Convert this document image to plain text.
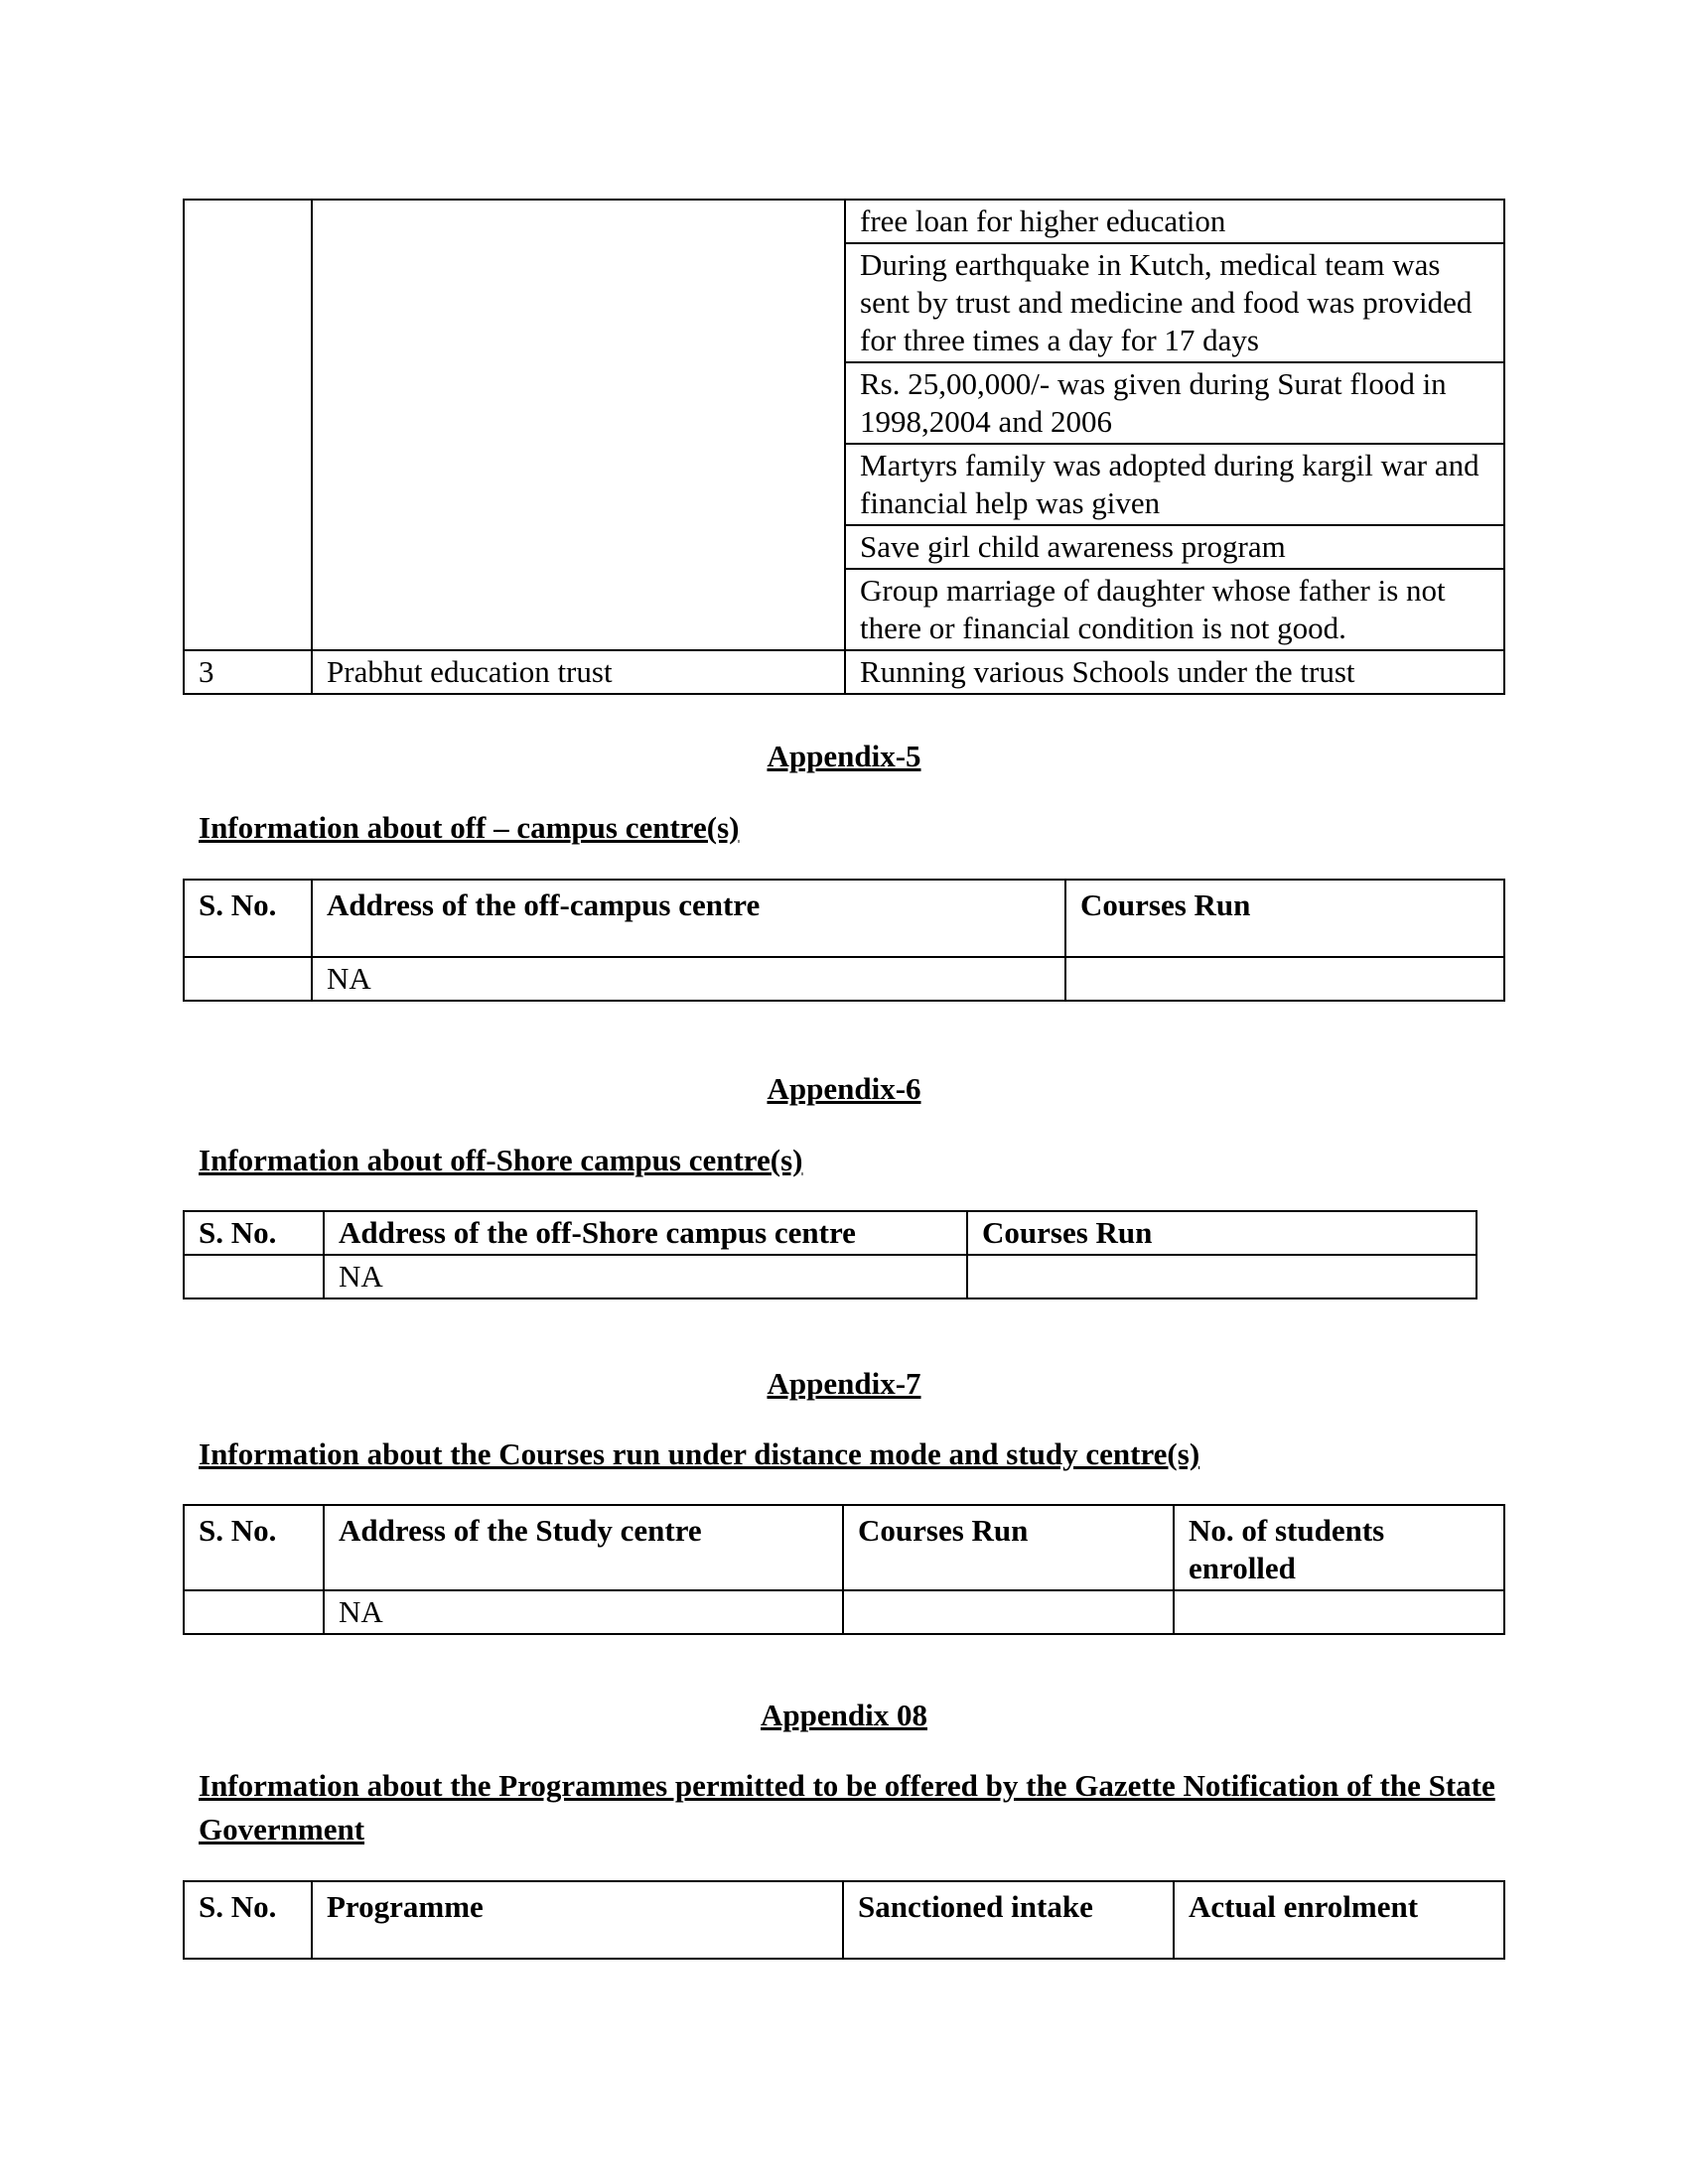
		free loan for higher education
		During earthquake in Kutch, medical team was sent by trust and medicine and food was provided for three times a day for 17 days
		Rs. 25,00,000/- was given during Surat flood in 1998,2004 and 2006
		Martyrs family was adopted during kargil war and financial help was given
		Save girl child awareness program
		Group marriage of daughter whose father is not there or financial condition is not good.
3	Prabhut education trust	Running various Schools under the trust
Appendix-5
Information about off – campus centre(s)
S. No.	Address of the off-campus centre	Courses Run
	NA	
Appendix-6
Information about off-Shore campus centre(s)
S. No.	Address of the off-Shore campus centre	Courses Run
	NA	
Appendix-7
Information about the Courses run under distance mode and study centre(s)
S. No.	Address of the Study centre	Courses Run	No. of students enrolled
	NA		
Appendix 08
Information about the Programmes permitted to be offered by the Gazette Notification of the State Government
S. No.	Programme	Sanctioned intake	Actual enrolment
